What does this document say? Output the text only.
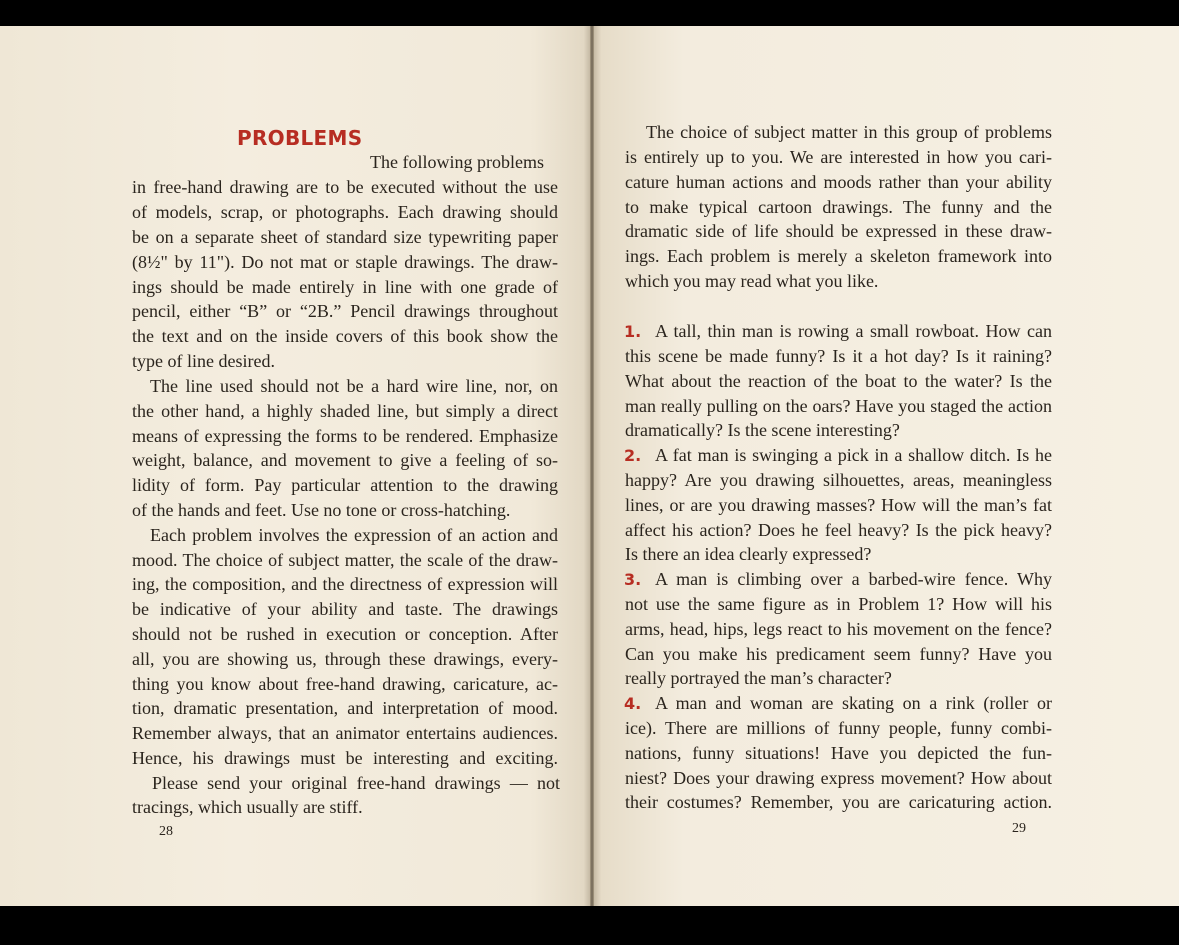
PROBLEMS
The following problems
in free-hand drawing are to be executed without the use
of models, scrap, or photographs. Each drawing should
be on a separate sheet of standard size typewriting paper
(8½" by 11"). Do not mat or staple drawings. The draw-
ings should be made entirely in line with one grade of
pencil, either “B” or “2B.” Pencil drawings throughout
the text and on the inside covers of this book show the
type of line desired.
The line used should not be a hard wire line, nor, on
the other hand, a highly shaded line, but simply a direct
means of expressing the forms to be rendered. Emphasize
weight, balance, and movement to give a feeling of so-
lidity of form. Pay particular attention to the drawing
of the hands and feet. Use no tone or cross-hatching.
Each problem involves the expression of an action and
mood. The choice of subject matter, the scale of the draw-
ing, the composition, and the directness of expression will
be indicative of your ability and taste. The drawings
should not be rushed in execution or conception. After
all, you are showing us, through these drawings, every-
thing you know about free-hand drawing, caricature, ac-
tion, dramatic presentation, and interpretation of mood.
Remember always, that an animator entertains audiences.
Hence, his drawings must be interesting and exciting.
Please send your original free-hand drawings — not
tracings, which usually are stiff.
28
The choice of subject matter in this group of problems
is entirely up to you. We are interested in how you cari-
cature human actions and moods rather than your ability
to make typical cartoon drawings. The funny and the
dramatic side of life should be expressed in these draw-
ings. Each problem is merely a skeleton framework into
which you may read what you like.
1. A tall, thin man is rowing a small rowboat. How can
this scene be made funny? Is it a hot day? Is it raining?
What about the reaction of the boat to the water? Is the
man really pulling on the oars? Have you staged the action
dramatically? Is the scene interesting?
2. A fat man is swinging a pick in a shallow ditch. Is he
happy? Are you drawing silhouettes, areas, meaningless
lines, or are you drawing masses? How will the man’s fat
affect his action? Does he feel heavy? Is the pick heavy?
Is there an idea clearly expressed?
3. A man is climbing over a barbed-wire fence. Why
not use the same figure as in Problem 1? How will his
arms, head, hips, legs react to his movement on the fence?
Can you make his predicament seem funny? Have you
really portrayed the man’s character?
4. A man and woman are skating on a rink (roller or
ice). There are millions of funny people, funny combi-
nations, funny situations! Have you depicted the fun-
niest? Does your drawing express movement? How about
their costumes? Remember, you are caricaturing action.
29
